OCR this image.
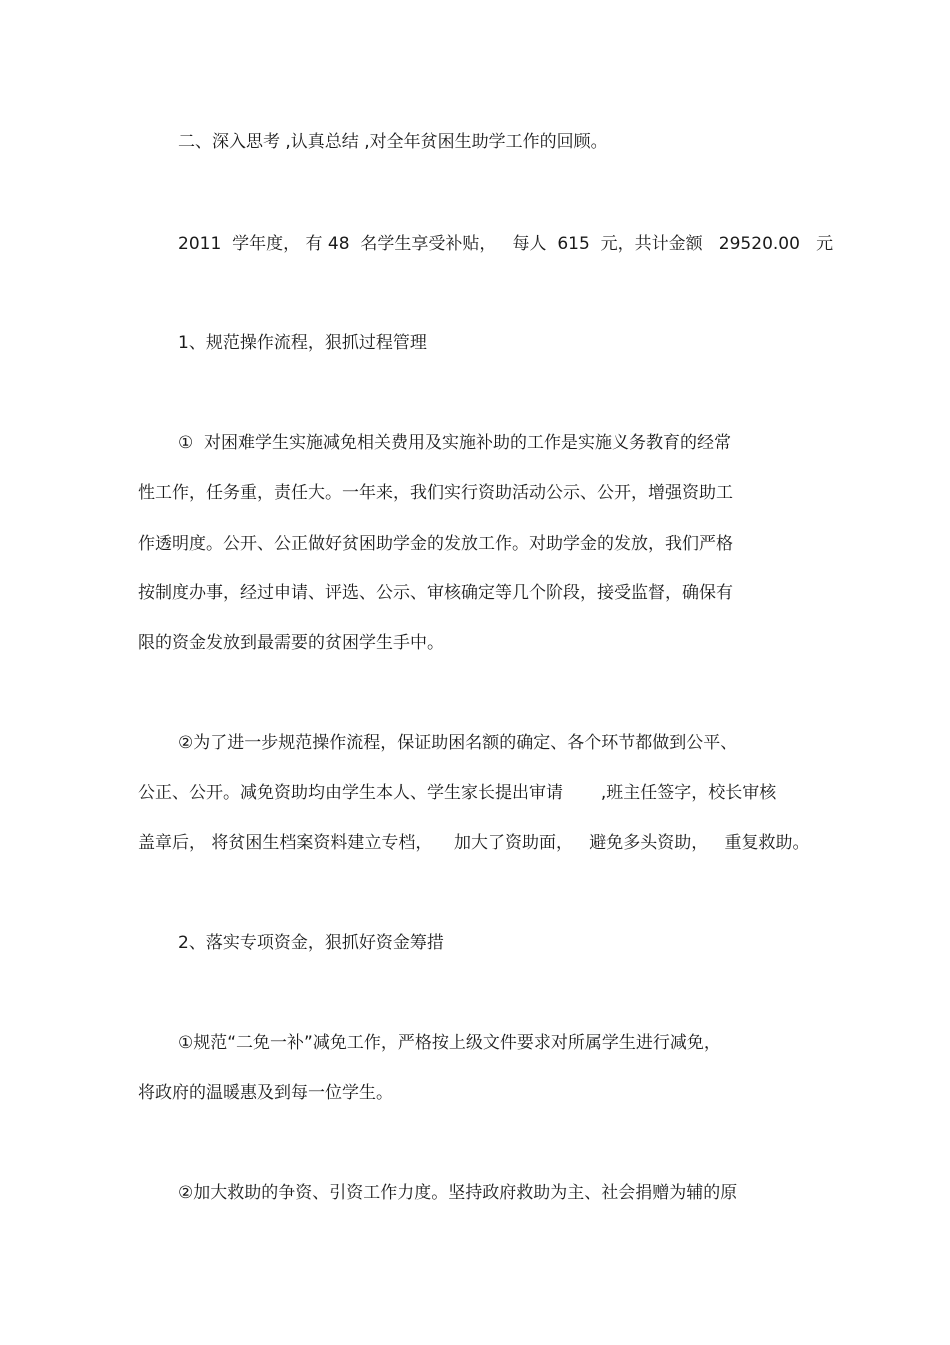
二、深入思考 ,认真总结 ,对全年贫困生助学工作的回顾。

2011  学年度， 有 48  名学生享受补贴，   每人  615  元，共计金额   29520.00   元

1、规范操作流程，狠抓过程管理

①  对困难学生实施减免相关费用及实施补助的工作是实施义务教育的经常

性工作，任务重，责任大。一年来，我们实行资助活动公示、公开，增强资助工

作透明度。公开、公正做好贫困助学金的发放工作。对助学金的发放，我们严格

按制度办事，经过申请、评选、公示、审核确定等几个阶段，接受监督，确保有

限的资金发放到最需要的贫困学生手中。

②为了进一步规范操作流程，保证助困名额的确定、各个环节都做到公平、

公正、公开。减免资助均由学生本人、学生家长提出审请       ,班主任签字，校长审核

盖章后， 将贫困生档案资料建立专档，    加大了资助面，   避免多头资助，   重复救助。

2、落实专项资金，狠抓好资金筹措

①规范“二免一补”减免工作，严格按上级文件要求对所属学生进行减免，

将政府的温暖惠及到每一位学生。

②加大救助的争资、引资工作力度。坚持政府救助为主、社会捐赠为辅的原
